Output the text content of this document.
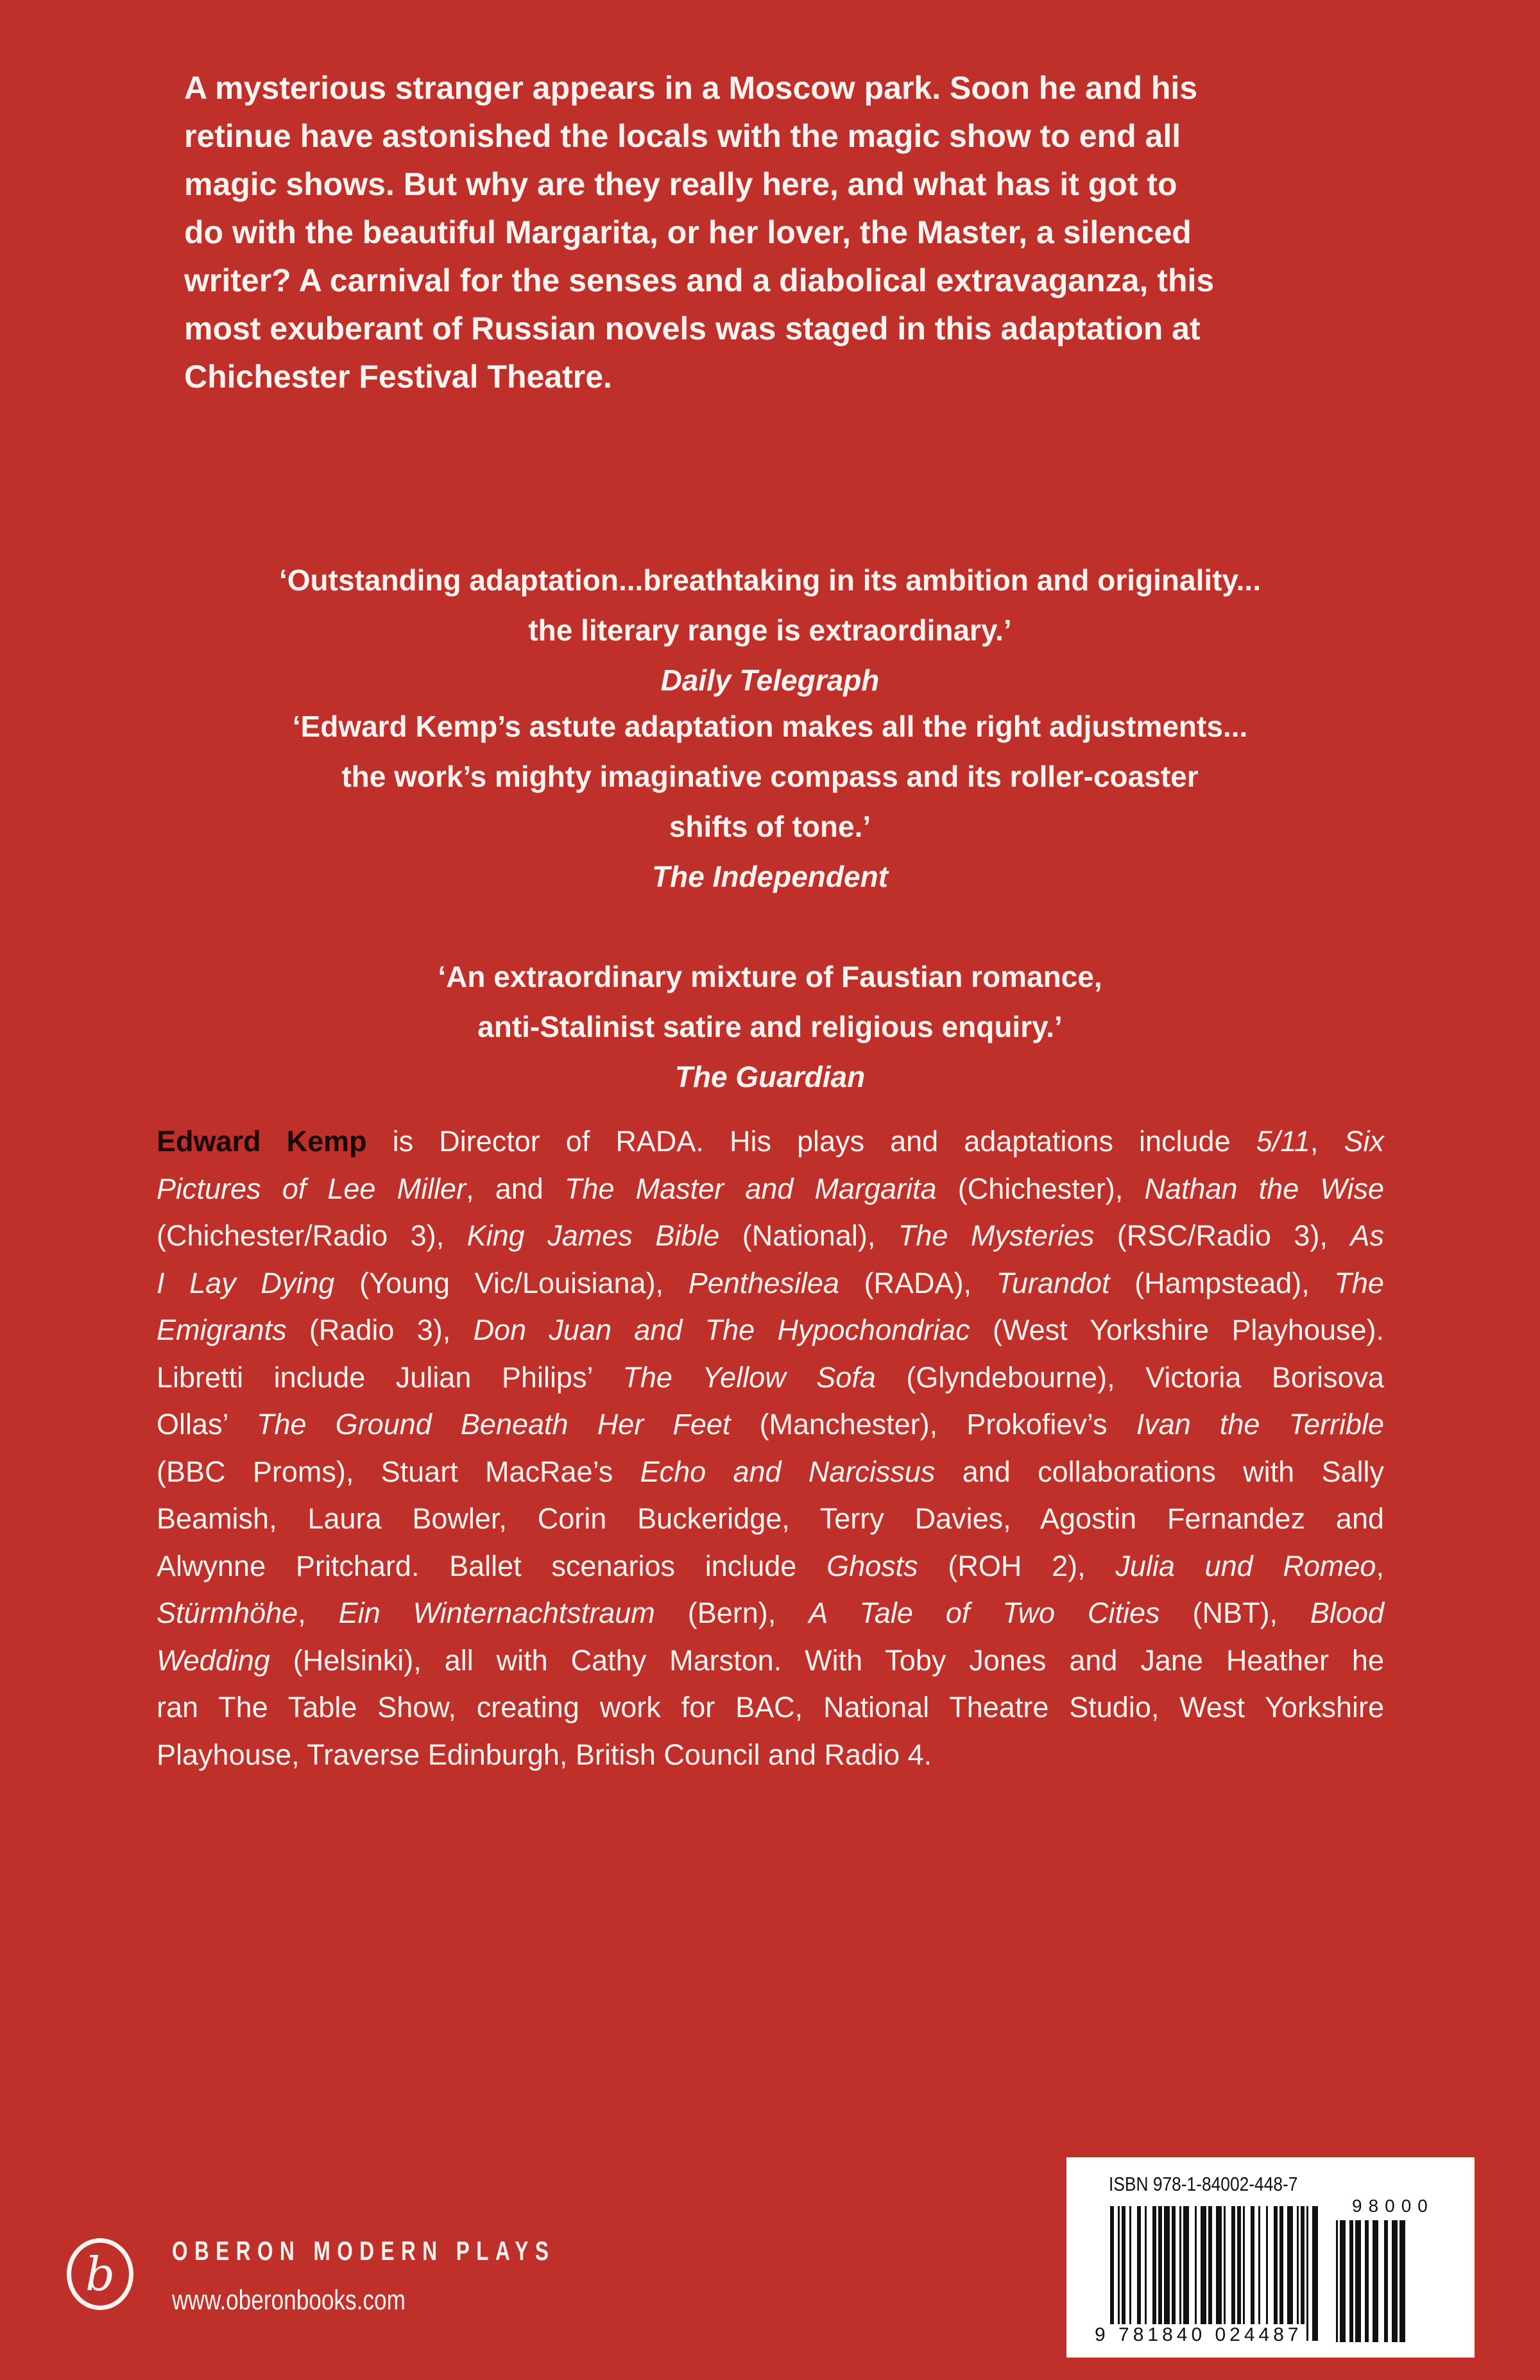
A mysterious stranger appears in a Moscow park. Soon he and his
retinue have astonished the locals with the magic show to end all
magic shows. But why are they really here, and what has it got to
do with the beautiful Margarita, or her lover, the Master, a silenced
writer? A carnival for the senses and a diabolical extravaganza, this
most exuberant of Russian novels was staged in this adaptation at
Chichester Festival Theatre.
‘Outstanding adaptation...breathtaking in its ambition and originality...
the literary range is extraordinary.’
Daily Telegraph
‘Edward Kemp’s astute adaptation makes all the right adjustments...
the work’s mighty imaginative compass and its roller-coaster
shifts of tone.’
The Independent
‘An extraordinary mixture of Faustian romance,
anti-Stalinist satire and religious enquiry.’
The Guardian
Edward Kemp is Director of RADA. His plays and adaptations include 5/11, Six
Pictures of Lee Miller, and The Master and Margarita (Chichester), Nathan the Wise
(Chichester/Radio 3), King James Bible (National), The Mysteries (RSC/Radio 3), As
I Lay Dying (Young Vic/Louisiana), Penthesilea (RADA), Turandot (Hampstead), The
Emigrants (Radio 3), Don Juan and The Hypochondriac (West Yorkshire Playhouse).
Libretti include Julian Philips’ The Yellow Sofa (Glyndebourne), Victoria Borisova
Ollas’ The Ground Beneath Her Feet (Manchester), Prokofiev’s Ivan the Terrible
(BBC Proms), Stuart MacRae’s Echo and Narcissus and collaborations with Sally
Beamish, Laura Bowler, Corin Buckeridge, Terry Davies, Agostin Fernandez and
Alwynne Pritchard. Ballet scenarios include Ghosts (ROH 2), Julia und Romeo,
Stürmhöhe, Ein Winternachtstraum (Bern), A Tale of Two Cities (NBT), Blood
Wedding (Helsinki), all with Cathy Marston. With Toby Jones and Jane Heather he
ran The Table Show, creating work for BAC, National Theatre Studio, West Yorkshire
Playhouse, Traverse Edinburgh, British Council and Radio 4.
b OBERON MODERN PLAYS
www.oberonbooks.com
ISBN 978-1-84002-448-7
98000
9 781840 024487
